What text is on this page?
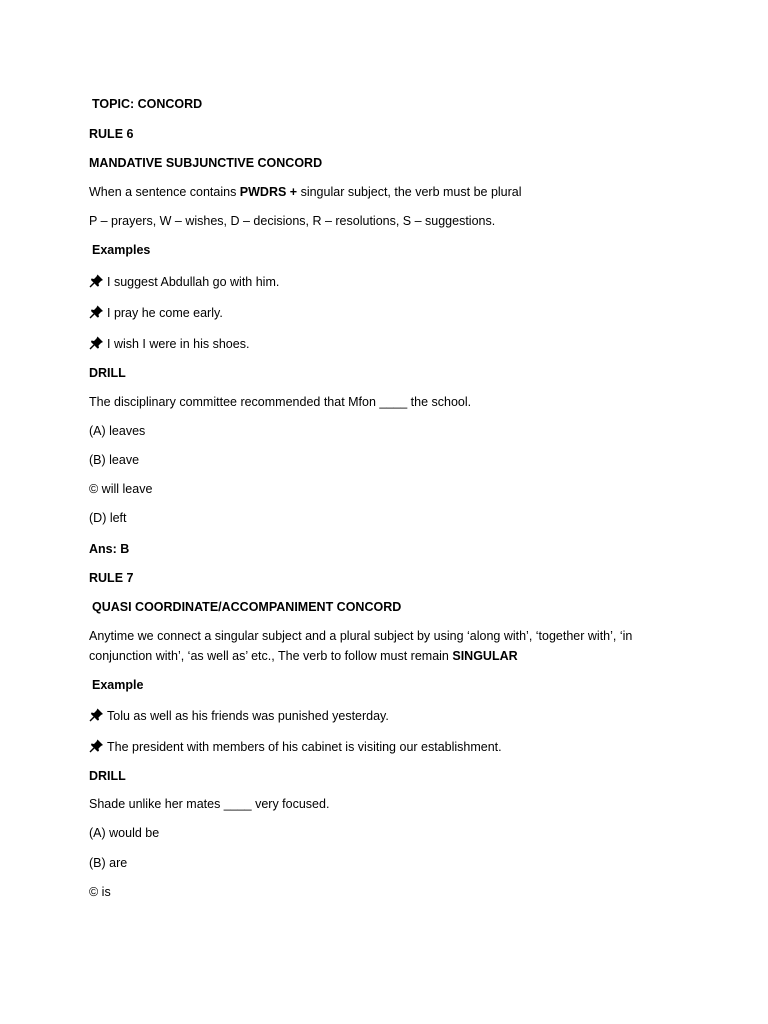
TOPIC: CONCORD
RULE 6
MANDATIVE SUBJUNCTIVE CONCORD
When a sentence contains PWDRS + singular subject, the verb must be plural
P – prayers, W – wishes, D – decisions, R – resolutions, S – suggestions.
Examples
I suggest Abdullah go with him.
I pray he come early.
I wish I were in his shoes.
DRILL
The disciplinary committee recommended that Mfon ____ the school.
(A) leaves
(B) leave
© will leave
(D) left
Ans: B
RULE 7
QUASI COORDINATE/ACCOMPANIMENT CONCORD
Anytime we connect a singular subject and a plural subject by using ‘along with’, ‘together with’, ‘in
conjunction with’, ‘as well as’ etc., The verb to follow must remain SINGULAR
Example
Tolu as well as his friends was punished yesterday.
The president with members of his cabinet is visiting our establishment.
DRILL
Shade unlike her mates ____ very focused.
(A) would be
(B) are
© is
